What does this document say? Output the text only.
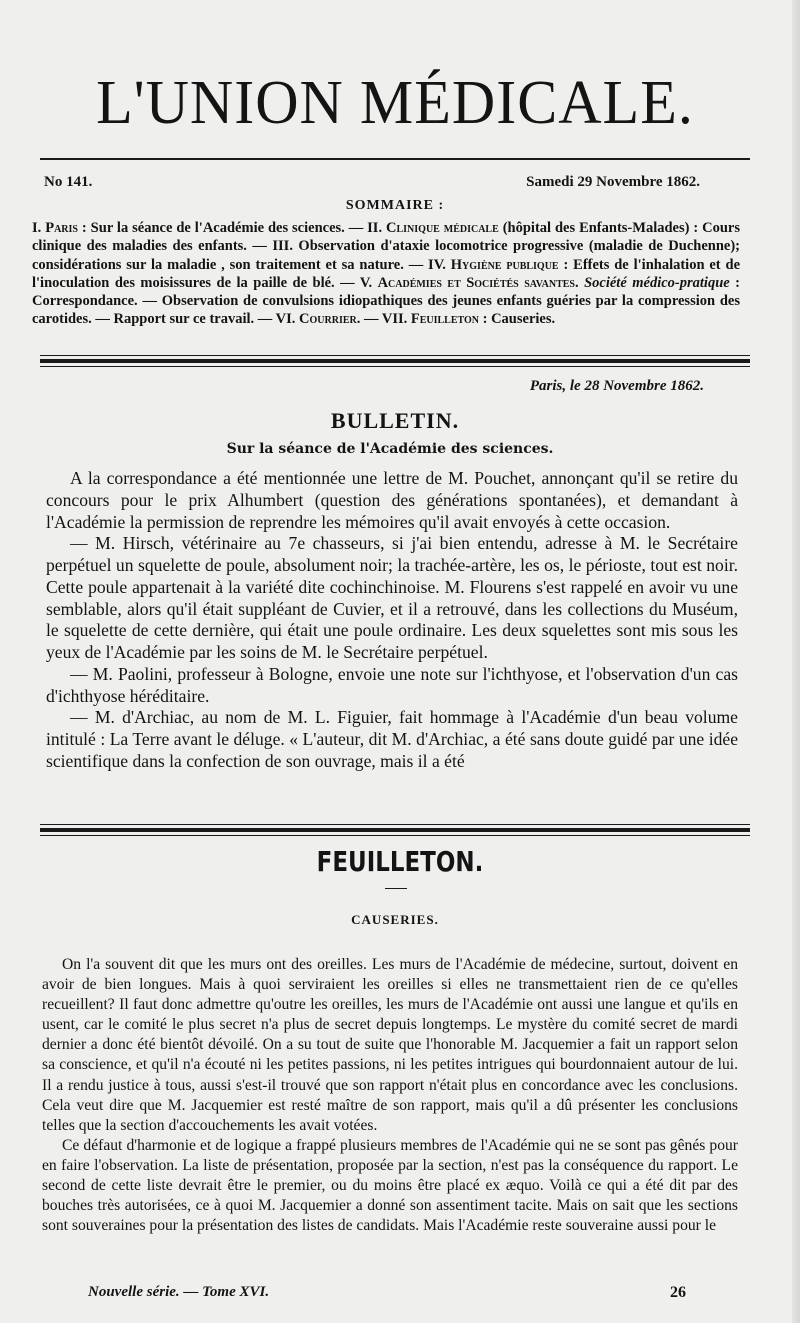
L'UNION MÉDICALE.
No 141.	Samedi 29 Novembre 1862.
SOMMAIRE :
I. Paris : Sur la séance de l'Académie des sciences. — II. Clinique médicale (hôpital des Enfants-Malades) : Cours clinique des maladies des enfants. — III. Observation d'ataxie locomotrice progressive (maladie de Duchenne); considérations sur la maladie , son traitement et sa nature. — IV. Hygiène publique : Effets de l'inhalation et de l'inoculation des moisissures de la paille de blé. — V. Académies et Sociétés savantes. Société médico-pratique : Correspondance. — Observation de convulsions idiopathiques des jeunes enfants guéries par la compression des carotides. — Rapport sur ce travail. — VI. Courrier. — VII. Feuilleton : Causeries.
Paris, le 28 Novembre 1862.
BULLETIN.
Sur la séance de l'Académie des sciences.

A la correspondance a été mentionnée une lettre de M. Pouchet, annonçant qu'il se retire du concours pour le prix Alhumbert (question des générations spontanées), et demandant à l'Académie la permission de reprendre les mémoires qu'il avait envoyés à cette occasion.

— M. Hirsch, vétérinaire au 7e chasseurs, si j'ai bien entendu, adresse à M. le Secrétaire perpétuel un squelette de poule, absolument noir; la trachée-artère, les os, le périoste, tout est noir. Cette poule appartenait à la variété dite cochinchinoise. M. Flourens s'est rappelé en avoir vu une semblable, alors qu'il était suppléant de Cuvier, et il a retrouvé, dans les collections du Muséum, le squelette de cette dernière, qui était une poule ordinaire. Les deux squelettes sont mis sous les yeux de l'Académie par les soins de M. le Secrétaire perpétuel.

— M. Paolini, professeur à Bologne, envoie une note sur l'ichthyose, et l'observation d'un cas d'ichthyose héréditaire.

— M. d'Archiac, au nom de M. L. Figuier, fait hommage à l'Académie d'un beau volume intitulé : La Terre avant le déluge. « L'auteur, dit M. d'Archiac, a été sans doute guidé par une idée scientifique dans la confection de son ouvrage, mais il a été

FEUILLETON.
CAUSERIES.

On l'a souvent dit que les murs ont des oreilles. Les murs de l'Académie de médecine, surtout, doivent en avoir de bien longues. Mais à quoi serviraient les oreilles si elles ne transmettaient rien de ce qu'elles recueillent? Il faut donc admettre qu'outre les oreilles, les murs de l'Académie ont aussi une langue et qu'ils en usent, car le comité le plus secret n'a plus de secret depuis longtemps. Le mystère du comité secret de mardi dernier a donc été bientôt dévoilé. On a su tout de suite que l'honorable M. Jacquemier a fait un rapport selon sa conscience, et qu'il n'a écouté ni les petites passions, ni les petites intrigues qui bourdonnaient autour de lui. Il a rendu justice à tous, aussi s'est-il trouvé que son rapport n'était plus en concordance avec les conclusions. Cela veut dire que M. Jacquemier est resté maître de son rapport, mais qu'il a dû présenter les conclusions telles que la section d'accouchements les avait votées.

Ce défaut d'harmonie et de logique a frappé plusieurs membres de l'Académie qui ne se sont pas gênés pour en faire l'observation. La liste de présentation, proposée par la section, n'est pas la conséquence du rapport. Le second de cette liste devrait être le premier, ou du moins être placé ex æquo. Voilà ce qui a été dit par des bouches très autorisées, ce à quoi M. Jacquemier a donné son assentiment tacite. Mais on sait que les sections sont souveraines pour la présentation des listes de candidats. Mais l'Académie reste souveraine aussi pour le

Nouvelle série. — Tome XVI.	26
